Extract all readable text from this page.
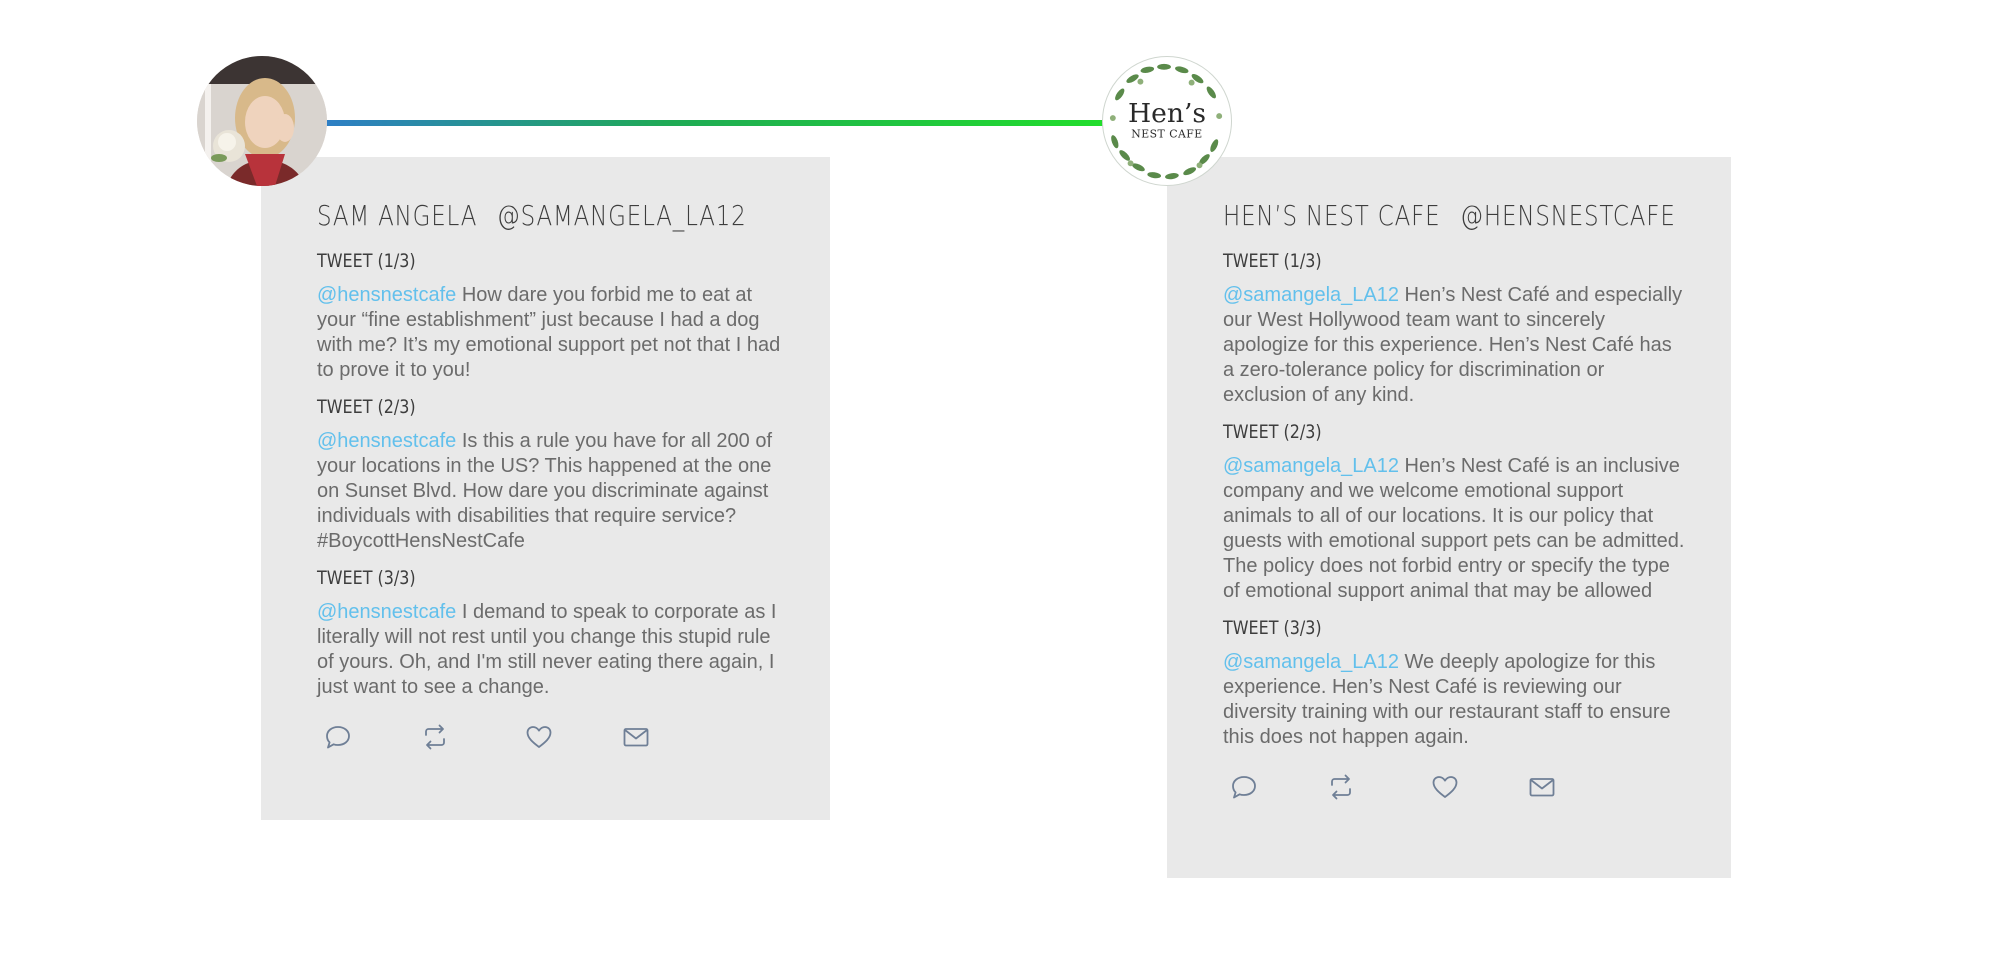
Hen’s
NEST CAFE
SAM ANGELA @SAMANGELA_LA12
TWEET (1/3)
@hensnestcafe How dare you forbid me to eat at your “fine establishment” just because I had a dog with me? It’s my emotional support pet not that I had to prove it to you!
TWEET (2/3)
@hensnestcafe Is this a rule you have for all 200 of your locations in the US? This happened at the one on Sunset Blvd. How dare you discriminate against individuals with disabilities that require service? #BoycottHensNestCafe
TWEET (3/3)
@hensnestcafe I demand to speak to corporate as I literally will not rest until you change this stupid rule of yours. Oh, and I'm still never eating there again, I just want to see a change.
HEN’S NEST CAFE @HENSNESTCAFE
TWEET (1/3)
@samangela_LA12 Hen’s Nest Café and especially our West Hollywood team want to sincerely apologize for this experience. Hen’s Nest Café has a zero-tolerance policy for discrimination or exclusion of any kind.
TWEET (2/3)
@samangela_LA12 Hen’s Nest Café is an inclusive company and we welcome emotional support animals to all of our locations. It is our policy that guests with emotional support pets can be admitted. The policy does not forbid entry or specify the type of emotional support animal that may be allowed
TWEET (3/3)
@samangela_LA12 We deeply apologize for this experience. Hen’s Nest Café is reviewing our diversity training with our restaurant staff to ensure this does not happen again.
